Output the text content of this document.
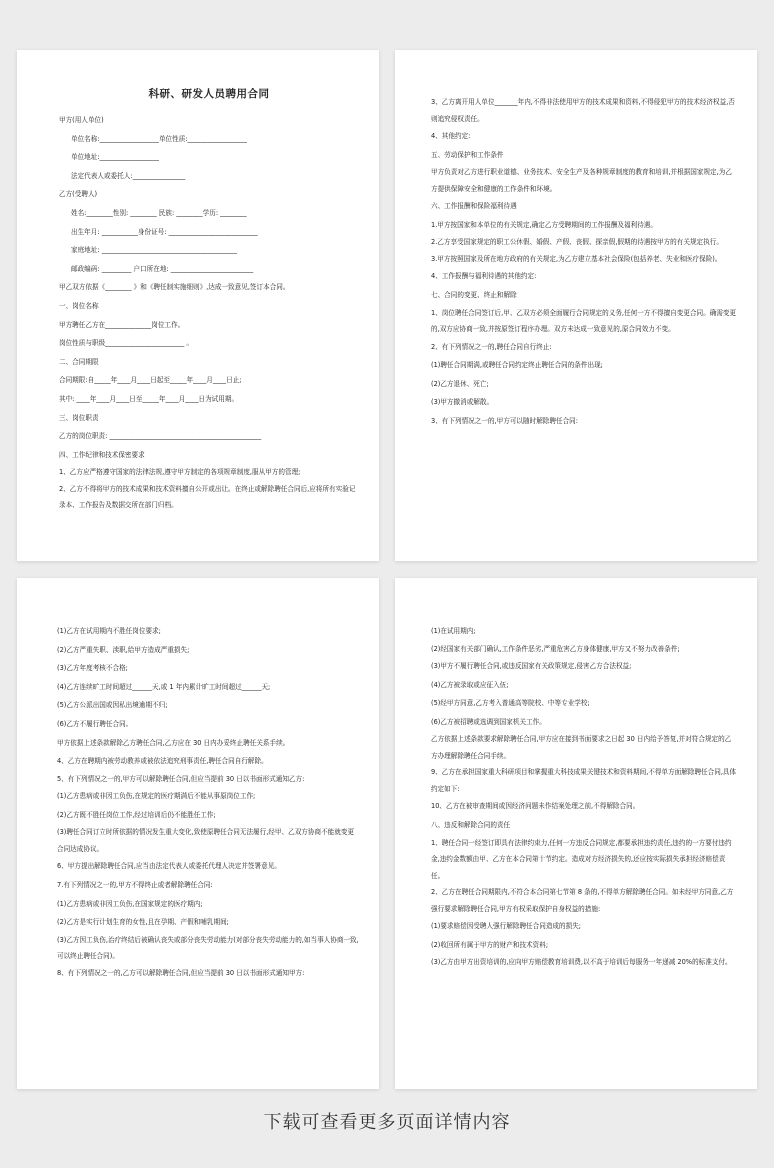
科研、研发人员聘用合同
甲方(用人单位)
单位名称:__________________单位性质:__________________
单位地址:__________________
法定代表人或委托人:________________
乙方(受聘人)
姓名:________性别: ________ 民族: ________学历: ________
出生年月: ___________身份证号: ___________________________
家庭地址: _________________________________________
邮政编码: _________ 户口所在地: _________________________
甲乙双方依据《________ 》和《聘任制实施细则》,达成一致意见,签订本合同。
一、岗位名称
甲方聘任乙方在______________岗位工作。
岗位性质与职级________________________ 。
二、合同期限
合同期限:自_____年____月____日起至_____年____月____日止;
其中: ____年____月____日至_____年____月____日为试用期。
三、岗位职责
乙方的岗位职责: ______________________________________________
四、工作纪律和技术保密要求
1、乙方应严格遵守国家的法律法规,遵守甲方制定的各项规章制度,服从甲方的管理;
2、乙方不得将甲方的技术成果和技术资料擅自公开或出让。在终止或解除聘任合同后,应将所有实验记录本、工作报告及数据交所在部门归档。
3、乙方离开用人单位_______年内,不得非法使用甲方的技术成果和资料,不得侵犯甲方的技术经济权益,否则追究侵权责任。
4、其他约定:
五、劳动保护和工作条件
甲方负责对乙方进行职业道德、业务技术、安全生产及各种规章制度的教育和培训,并根据国家规定,为乙方提供保障安全和健康的工作条件和环境。
六、工作报酬和保险福利待遇
1.甲方按国家和本单位的有关规定,确定乙方受聘期间的工作报酬及福利待遇。
2.乙方享受国家规定的职工公休假、婚假、产假、丧假、探亲假,假期的待遇按甲方的有关规定执行。
3.甲方按照国家及所在地方政府的有关规定,为乙方建立基本社会保险(包括养老、失业和医疗保险)。
4、工作报酬与福利待遇的其他约定:
七、合同的变更、终止和解除
1、岗位聘任合同签订后,甲、乙双方必须全面履行合同规定的义务,任何一方不得擅自变更合同。确需变更的,双方应协商一致,并按原签订程序办理。双方未达成一致意见的,原合同效力不变。
2、有下列情况之一的,聘任合同自行终止:
(1)聘任合同期满,或聘任合同约定终止聘任合同的条件出现;
(2)乙方退休、死亡;
(3)甲方撤消或解散。
3、有下列情况之一的,甲方可以随时解除聘任合同:
(1)乙方在试用期内不胜任岗位要求;
(2)乙方严重失职、渎职,给甲方造成严重损失;
(3)乙方年度考核不合格;
(4)乙方连续旷工时间超过______天,或 1 年内累计旷工时间超过______天;
(5)乙方公派出国或因私出境逾期不归;
(6)乙方不履行聘任合同。
甲方依据上述条款解除乙方聘任合同,乙方应在 30 日内办妥终止聘任关系手续。
4、乙方在聘期内被劳动教养或被依法追究刑事责任,聘任合同自行解除。
5、有下列情况之一的,甲方可以解除聘任合同,但应当提前 30 日以书面形式通知乙方:
(1)乙方患病或非因工负伤,在规定的医疗期满后不能从事原岗位工作;
(2)乙方既不胜任岗位工作,经过培训后仍不能胜任工作;
(3)聘任合同订立时所依据的情况发生重大变化,致使原聘任合同无法履行,经甲、乙双方协商不能就变更合同达成协议。
6、甲方提出解除聘任合同,应当由法定代表人或委托代理人决定并签署意见。
7.有下列情况之一的,甲方不得终止或者解除聘任合同:
(1)乙方患病或非因工负伤,在国家规定的医疗期内;
(2)乙方是实行计划生育的女性,且在孕期、产假和哺乳期间;
(3)乙方因工负伤,治疗终结后被确认丧失或部分丧失劳动能力(对部分丧失劳动能力的,如当事人协商一致,可以终止聘任合同)。
8、有下列情况之一的,乙方可以解除聘任合同,但应当提前 30 日以书面形式通知甲方:
(1)在试用期内;
(2)经国家有关部门确认,工作条件恶劣,严重危害乙方身体健康,甲方又不努力改善条件;
(3)甲方不履行聘任合同,或违反国家有关政策规定,侵害乙方合法权益;
(4)乙方被录取或应征入伍;
(5)经甲方同意,乙方考入普通高等院校、中等专业学校;
(6)乙方被招聘或选调到国家机关工作。
乙方依据上述条款要求解除聘任合同,甲方应在接到书面要求之日起 30 日内给予答复,并对符合规定的乙方办理解除聘任合同手续。
9、乙方在承担国家重大科研项目和掌握重大科技成果关键技术和资料期间,不得单方面解除聘任合同,具体约定如下:
10、乙方在被审查期间或因经济问题未作结案处理之前,不得解除合同。
八、违反和解除合同的责任
1、聘任合同一经签订即具有法律约束力,任何一方违反合同规定,都要承担违约责任,违约的一方要付违约金,违约金数额由甲、乙方在本合同第十节约定。造成对方经济损失的,还应按实际损失承担经济赔偿责任。
2、乙方在聘任合同期限内,不符合本合同第七节第 8 条的,不得单方解除聘任合同。如未经甲方同意,乙方强行要求解除聘任合同,甲方有权采取保护自身权益的措施:
(1)要求赔偿因受聘人强行解除聘任合同造成的损失;
(2)收回所有属于甲方的财产和技术资料;
(3)乙方由甲方出资培训的,应向甲方赔偿教育培训费,以不高于培训后每服务一年递减 20%的标准支付。
下载可查看更多页面详情内容
